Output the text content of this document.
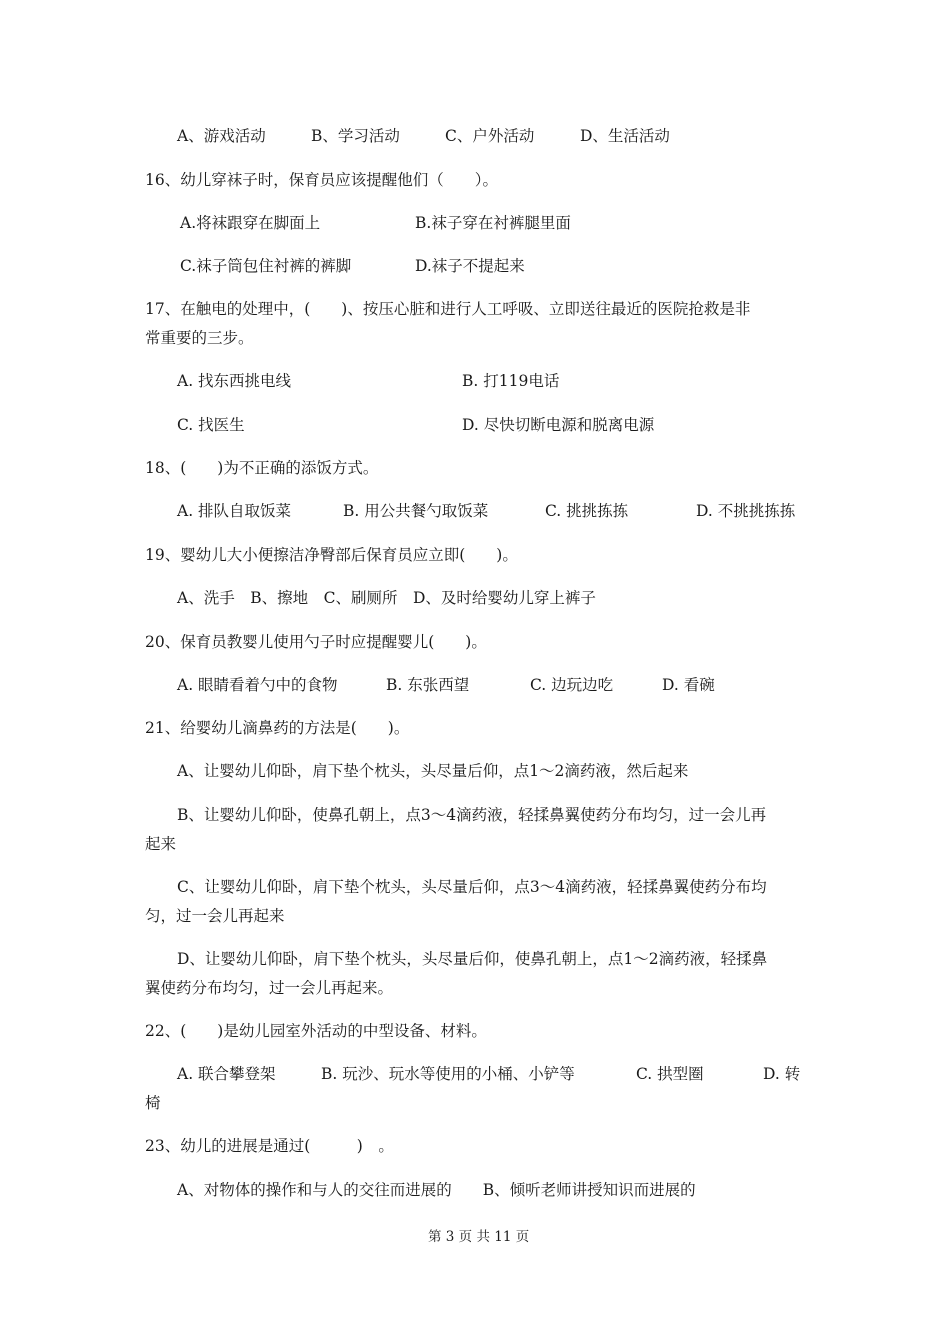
A、游戏活动	B、学习活动	C、户外活动	D、生活活动
16、幼儿穿袜子时，保育员应该提醒他们（　　）。
A.将袜跟穿在脚面上	B.袜子穿在衬裤腿里面
C.袜子筒包住衬裤的裤脚	D.袜子不提起来
17、在触电的处理中，(　　)、按压心脏和进行人工呼吸、立即送往最近的医院抢救是非
常重要的三步。
A. 找东西挑电线	B. 打119电话
C. 找医生	D. 尽快切断电源和脱离电源
18、(　　)为不正确的添饭方式。
A. 排队自取饭菜	B. 用公共餐勺取饭菜	C. 挑挑拣拣	D. 不挑挑拣拣
19、婴幼儿大小便擦洁净臀部后保育员应立即(　　)。
A、洗手　B、擦地　C、刷厕所　D、及时给婴幼儿穿上裤子
20、保育员教婴儿使用勺子时应提醒婴儿(　　)。
A. 眼睛看着勺中的食物	B. 东张西望	C. 边玩边吃	D. 看碗
21、给婴幼儿滴鼻药的方法是(　　)。
A、让婴幼儿仰卧，肩下垫个枕头，头尽量后仰，点1～2滴药液，然后起来
B、让婴幼儿仰卧，使鼻孔朝上，点3～4滴药液，轻揉鼻翼使药分布均匀，过一会儿再
起来
C、让婴幼儿仰卧，肩下垫个枕头，头尽量后仰，点3～4滴药液，轻揉鼻翼使药分布均
匀，过一会儿再起来
D、让婴幼儿仰卧，肩下垫个枕头，头尽量后仰，使鼻孔朝上，点1～2滴药液，轻揉鼻
翼使药分布均匀，过一会儿再起来。
22、(　　)是幼儿园室外活动的中型设备、材料。
A. 联合攀登架	B. 玩沙、玩水等使用的小桶、小铲等	C. 拱型圈	D. 转
椅
23、幼儿的进展是通过(　　　)　。
A、对物体的操作和与人的交往而进展的　　B、倾听老师讲授知识而进展的
第 3 页 共 11 页
